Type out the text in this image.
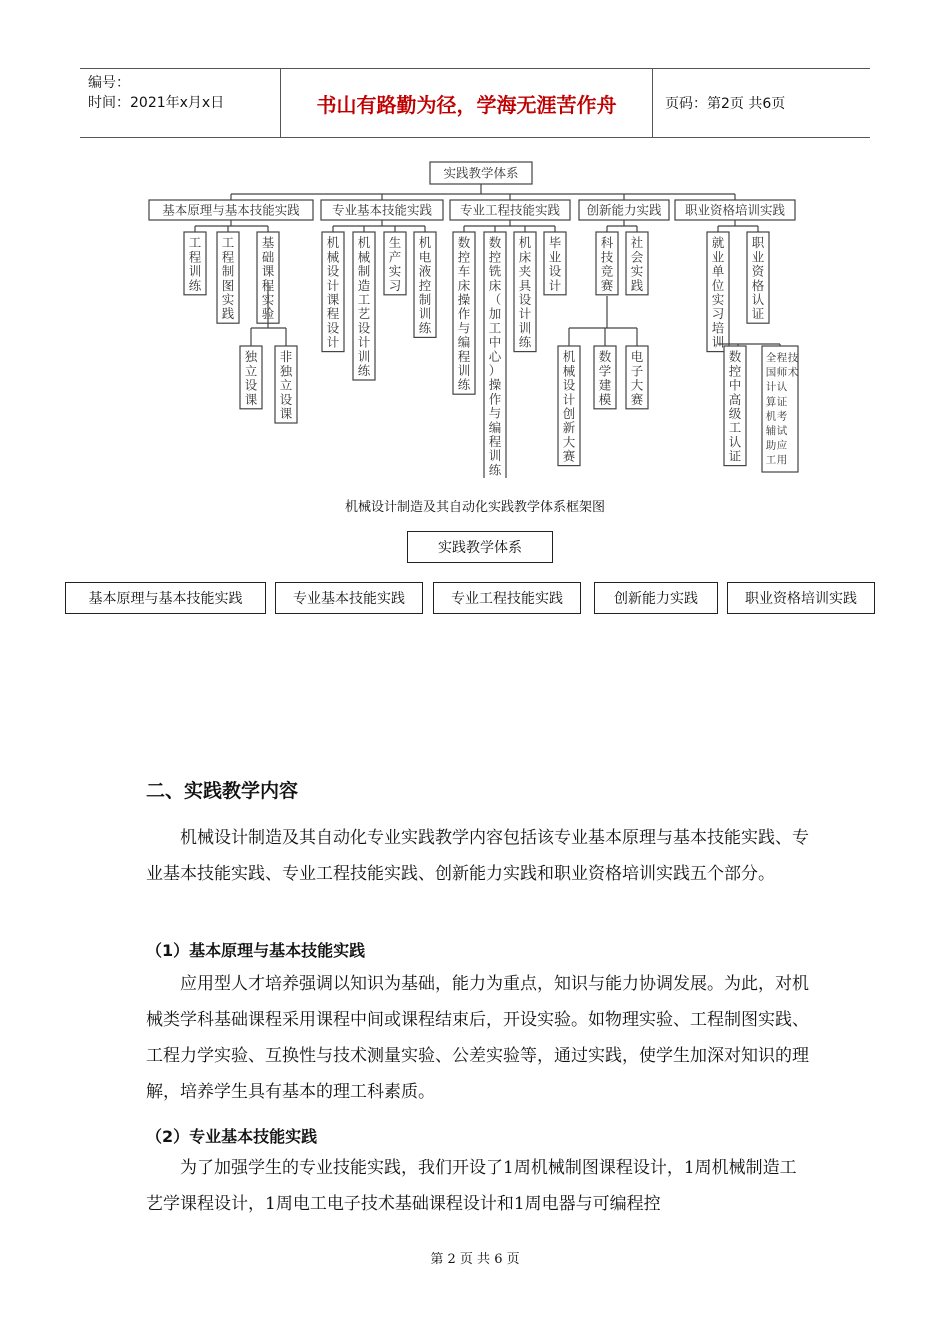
编号：
时间：2021年x月x日	书山有路勤为径，学海无涯苦作舟	页码：第2页 共6页
实践教学体系
基本原理与基本技能实践	专业基本技能实践 专业工程技能实践 创新能力实践 职业资格培训实践
工
程
训
练
工
程
制
图
实
践
基
础
课
程
实
验
独
立
设
课
非
独
立
设
课
机
械
设
计
课
程
设
计
机
械
制
造
工
艺
设
计
训
练
生
产
实
习
机
电
液
控
制
训
练
数
控
车
床
操
作
与
编
程
训
练
数
控
铣
床
（
加
工
中
心
）
操
作
与
编
程
训
练
机
床
夹
具
设
计
训
练
毕
业
设
计
科
技
竞
赛
社
会
实
践
机
械
设
计
创
新
大
赛
数
学
建
模
电
子
大
赛
就
业
单
位
实
习
培
训
职
业
资
格
认
证
数
控
中
高
级
工
认
证
全
国
计
算
机
辅
助
工
程
师
认
证
考
试
应
用
技
术
机械设计制造及其自动化实践教学体系框架图
实践教学体系
基本原理与基本技能实践	专业基本技能实践	专业工程技能实践	创新能力实践	职业资格培训实践
二、实践教学内容

机械设计制造及其自动化专业实践教学内容包括该专业基本原理与基本技能实践、专业基本技能实践、专业工程技能实践、创新能力实践和职业资格培训实践五个部分。

（1）基本原理与基本技能实践

应用型人才培养强调以知识为基础，能力为重点，知识与能力协调发展。为此，对机械类学科基础课程采用课程中间或课程结束后，开设实验。如物理实验、工程制图实践、工程力学实验、互换性与技术测量实验、公差实验等，通过实践，使学生加深对知识的理解，培养学生具有基本的理工科素质。

（2）专业基本技能实践

为了加强学生的专业技能实践，我们开设了1周机械制图课程设计，1周机械制造工艺学课程设计，1周电工电子技术基础课程设计和1周电器与可编程控

第 2 页 共 6 页
